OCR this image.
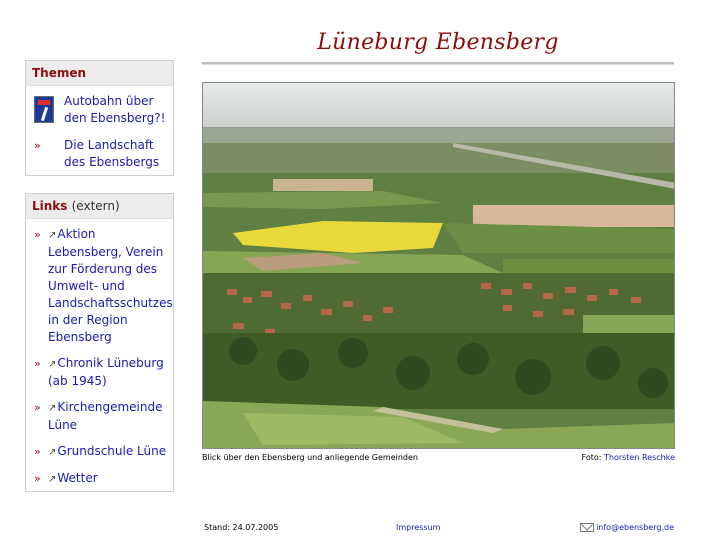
Lüneburg Ebensberg
Themen
Autobahn über den Ebensberg?!
» Die Landschaft des Ebensbergs
Links (extern)
» ↗Aktion Lebensberg, Verein zur Förderung des Umwelt- und Landschaftsschutzes in der Region Ebensberg
» ↗Chronik Lüneburg (ab 1945)
» ↗Kirchengemeinde Lüne
» ↗Grundschule Lüne
» ↗Wetter
Blick über den Ebensberg und anliegende Gemeinden	Foto: Thorsten Reschke
Stand: 24.07.2005	Impressum	info@ebensberg.de
